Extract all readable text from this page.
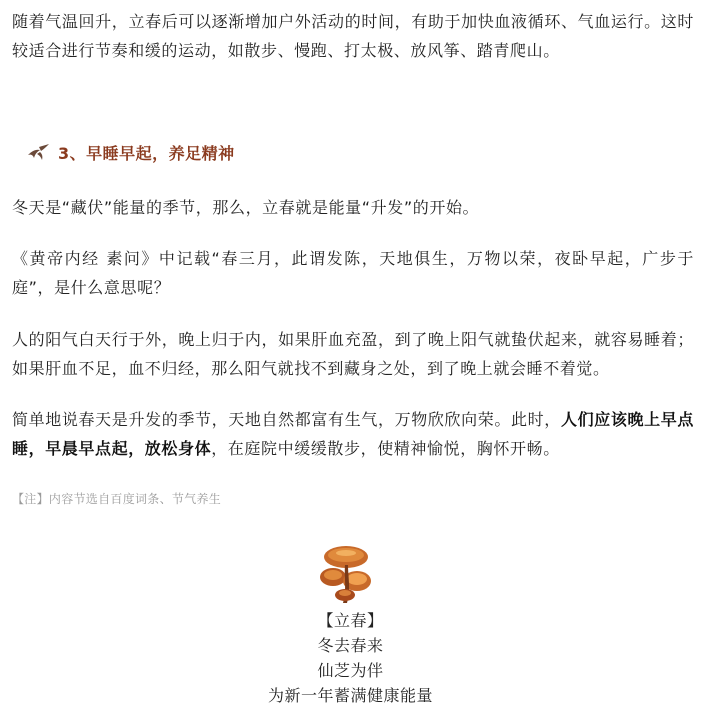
随着气温回升，立春后可以逐渐增加户外活动的时间，有助于加快血液循环、气血运行。这时较适合进行节奏和缓的运动，如散步、慢跑、打太极、放风筝、踏青爬山。

3、早睡早起，养足精神

冬天是“藏伏”能量的季节，那么，立春就是能量“升发”的开始。

《黄帝内经 素问》中记载“春三月，此谓发陈，天地俱生，万物以荣，夜卧早起，广步于庭”，是什么意思呢？

人的阳气白天行于外，晚上归于内，如果肝血充盈，到了晚上阳气就蛰伏起来，就容易睡着；如果肝血不足，血不归经，那么阳气就找不到藏身之处，到了晚上就会睡不着觉。

简单地说春天是升发的季节，天地自然都富有生气，万物欣欣向荣。此时，人们应该晚上早点睡，早晨早点起，放松身体，在庭院中缓缓散步，使精神愉悦，胸怀开畅。

【注】内容节选自百度词条、节气养生
【立春】
冬去春来
仙芝为伴
为新一年蓄满健康能量
